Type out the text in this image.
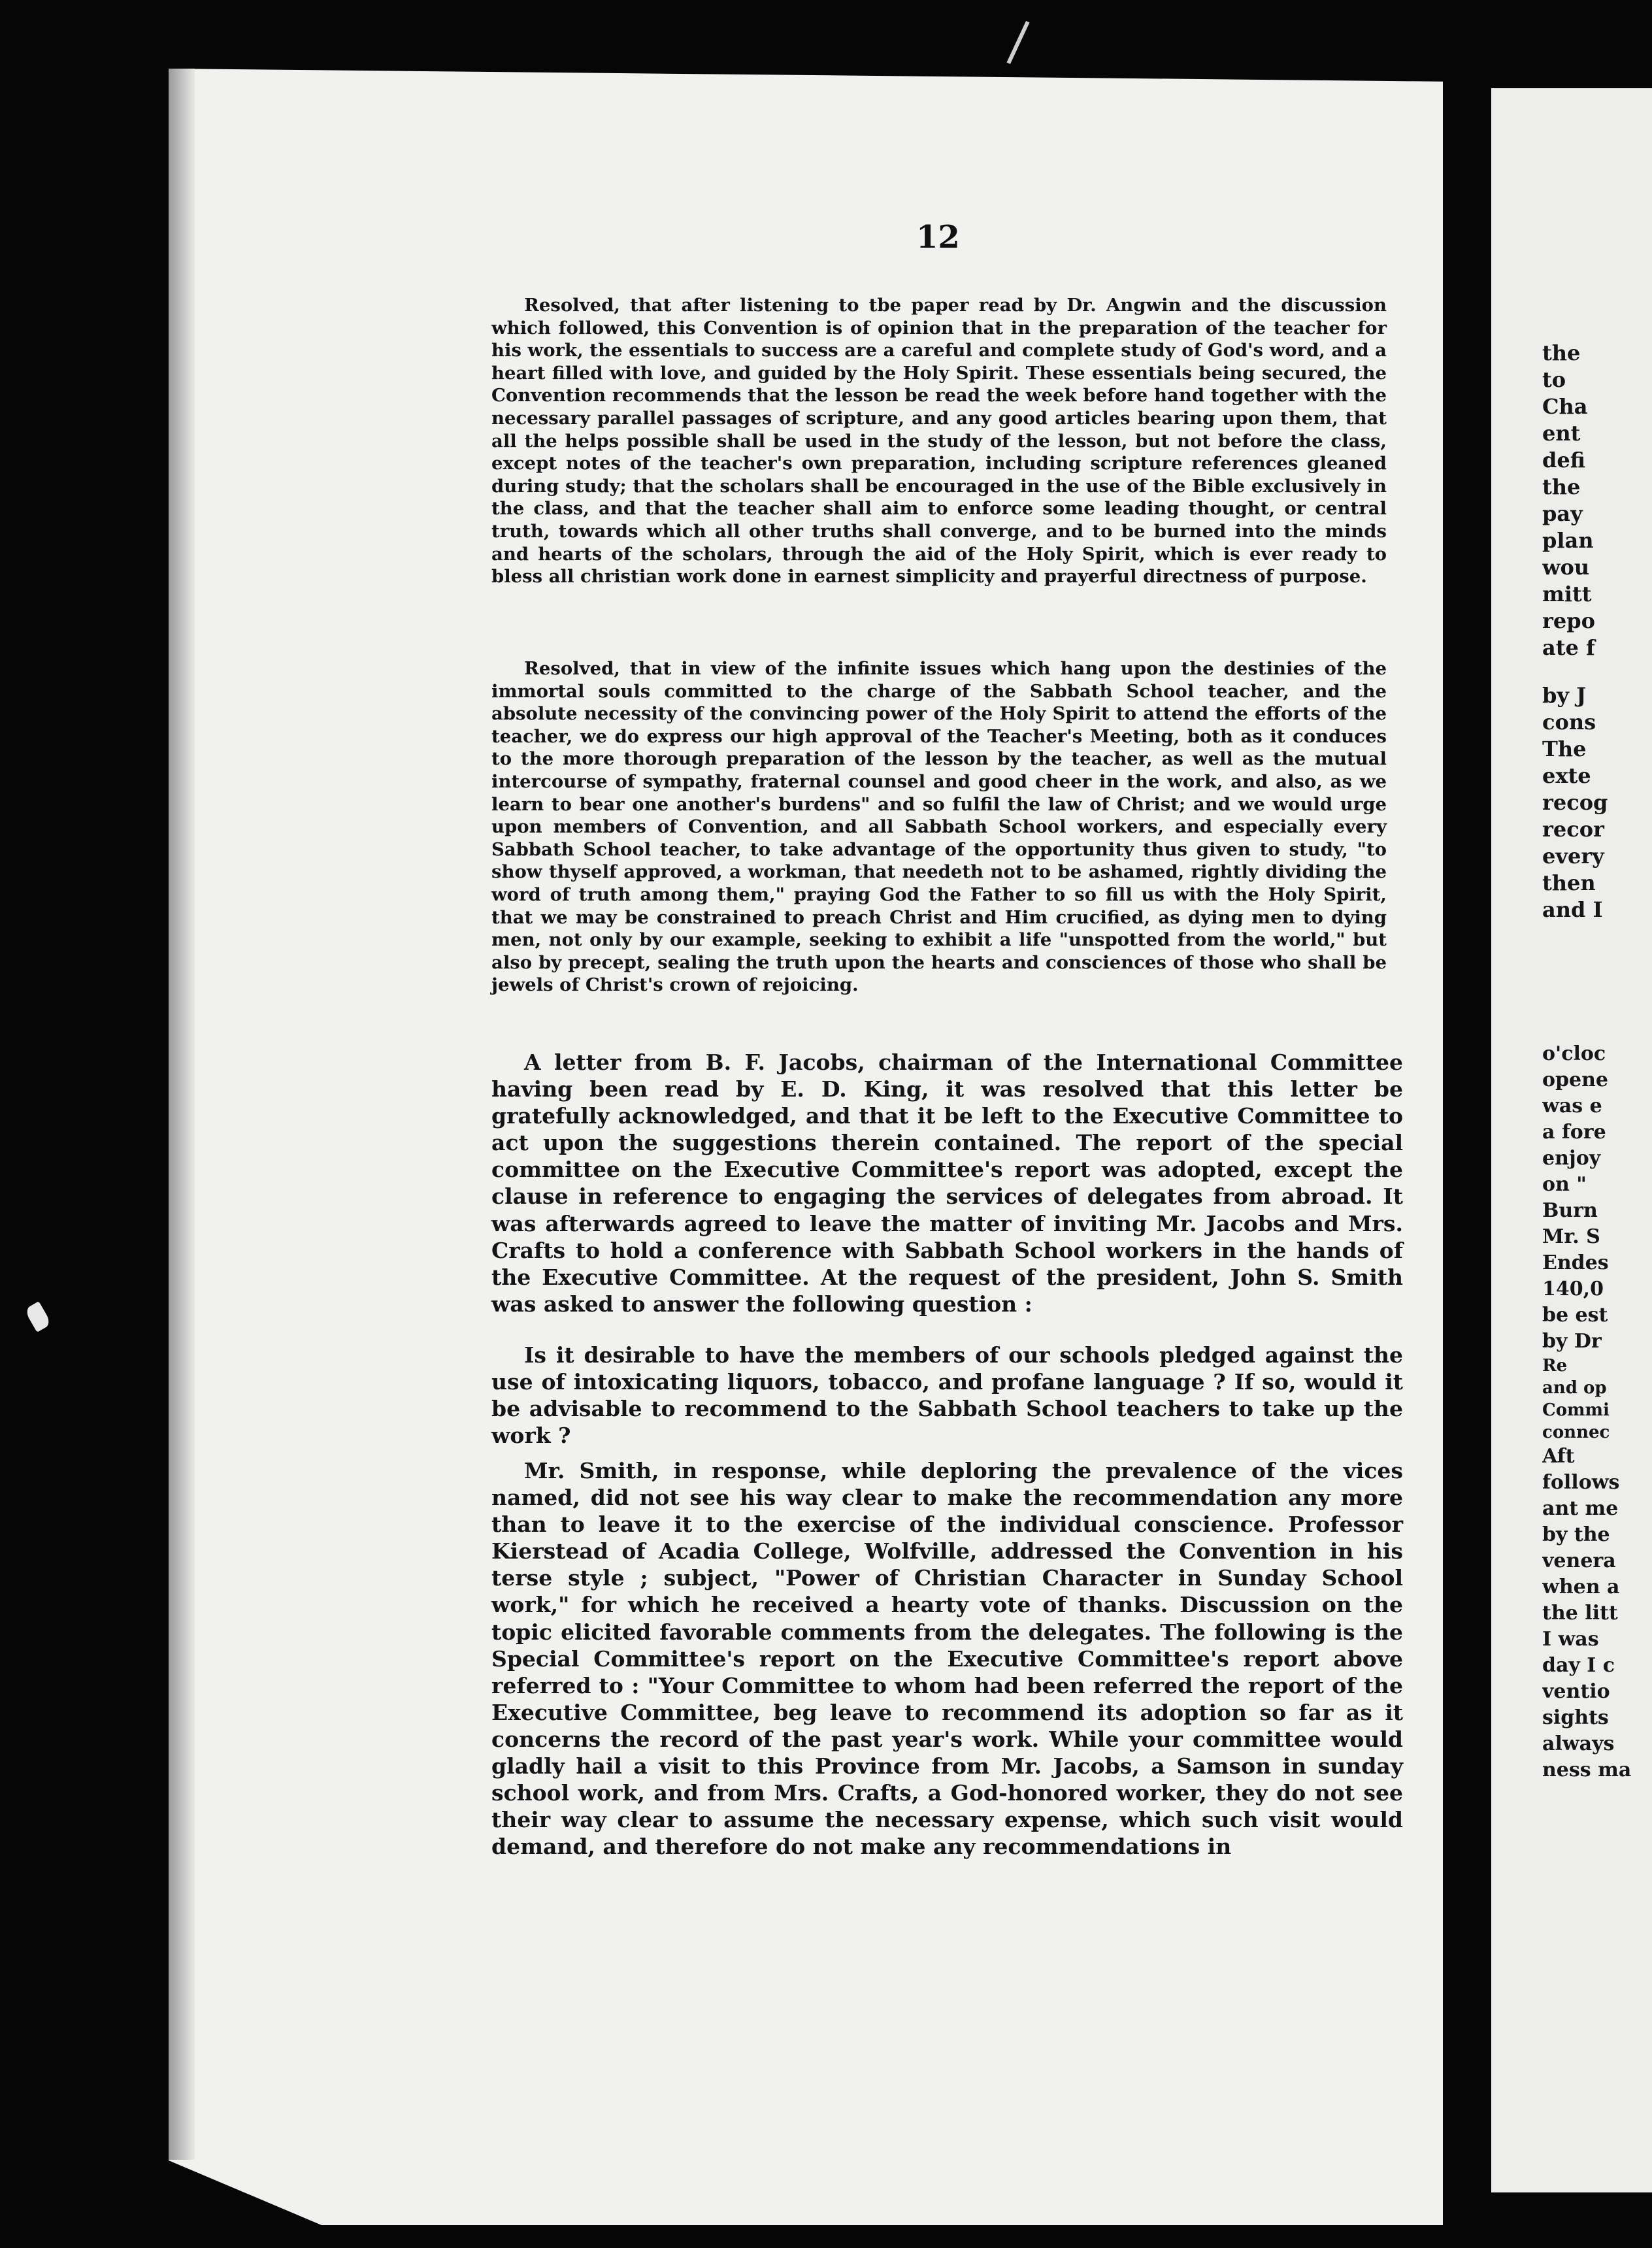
12

Resolved, that after listening to tbe paper read by Dr. Angwin and the discussion which followed, this Convention is of opinion that in the preparation of the teacher for his work, the essentials to success are a careful and complete study of God's word, and a heart filled with love, and guided by the Holy Spirit. These essentials being secured, the Convention recommends that the lesson be read the week before hand together with the necessary parallel passages of scripture, and any good articles bearing upon them, that all the helps possible shall be used in the study of the lesson, but not before the class, except notes of the teacher's own preparation, including scripture references gleaned during study; that the scholars shall be encouraged in the use of the Bible exclusively in the class, and that the teacher shall aim to enforce some leading thought, or central truth, towards which all other truths shall converge, and to be burned into the minds and hearts of the scholars, through the aid of the Holy Spirit, which is ever ready to bless all christian work done in earnest simplicity and prayerful directness of purpose.

Resolved, that in view of the infinite issues which hang upon the destinies of the immortal souls committed to the charge of the Sabbath School teacher, and the absolute necessity of the convincing power of the Holy Spirit to attend the efforts of the teacher, we do express our high approval of the Teacher's Meeting, both as it conduces to the more thorough preparation of the lesson by the teacher, as well as the mutual intercourse of sympathy, fraternal counsel and good cheer in the work, and also, as we learn to bear one another's burdens" and so fulfil the law of Christ; and we would urge upon members of Convention, and all Sabbath School workers, and especially every Sabbath School teacher, to take advantage of the opportunity thus given to study, "to show thyself approved, a workman, that needeth not to be ashamed, rightly dividing the word of truth among them," praying God the Father to so fill us with the Holy Spirit, that we may be constrained to preach Christ and Him crucified, as dying men to dying men, not only by our example, seeking to exhibit a life "unspotted from the world," but also by precept, sealing the truth upon the hearts and consciences of those who shall be jewels of Christ's crown of rejoicing.

A letter from B. F. Jacobs, chairman of the International Committee having been read by E. D. King, it was resolved that this letter be gratefully acknowledged, and that it be left to the Executive Committee to act upon the suggestions therein contained. The report of the special committee on the Executive Committee's report was adopted, except the clause in reference to engaging the services of delegates from abroad. It was afterwards agreed to leave the matter of inviting Mr. Jacobs and Mrs. Crafts to hold a conference with Sabbath School workers in the hands of the Executive Committee. At the request of the president, John S. Smith was asked to answer the following question :

Is it desirable to have the members of our schools pledged against the use of intoxicating liquors, tobacco, and profane language ? If so, would it be advisable to recommend to the Sabbath School teachers to take up the work ?

Mr. Smith, in response, while deploring the prevalence of the vices named, did not see his way clear to make the recommendation any more than to leave it to the exercise of the individual conscience. Professor Kierstead of Acadia College, Wolfville, addressed the Convention in his terse style ; subject, "Power of Christian Character in Sunday School work," for which he received a hearty vote of thanks. Discussion on the topic elicited favorable comments from the delegates. The following is the Special Committee's report on the Executive Committee's report above referred to : "Your Committee to whom had been referred the report of the Executive Committee, beg leave to recommend its adoption so far as it concerns the record of the past year's work. While your committee would gladly hail a visit to this Province from Mr. Jacobs, a Samson in sunday school work, and from Mrs. Crafts, a God-honored worker, they do not see their way clear to assume the necessary expense, which such visit would demand, and therefore do not make any recommendations in

the
to
Cha
ent
defi
the
pay
plan
wou
mitt
repo
ate f
by J
cons
The
exte
recog
recor
every
then
and I
o'cloc
opene
was e
a fore
enjoy
on "
Burn
Mr. S
Endes
140,0
be est
by Dr
Re
and op
Commi
connec
Aft
follows
ant me
by the
venera
when a
the litt
I was
day I c
ventio
sights
always
ness ma
